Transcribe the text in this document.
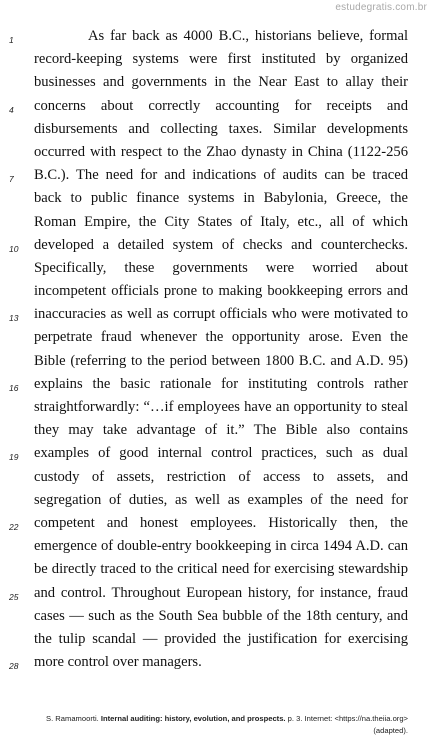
estudegratis.com.br
1	As far back as 4000 B.C., historians believe, formal
record-keeping systems were first instituted by organized
businesses and governments in the Near East to allay their
4	concerns about correctly accounting for receipts and
disbursements and collecting taxes. Similar developments
occurred with respect to the Zhao dynasty in China (1122-256
7	B.C.). The need for and indications of audits can be traced
back to public finance systems in Babylonia, Greece, the
Roman Empire, the City States of Italy, etc., all of which
10	developed a detailed system of checks and counterchecks.
Specifically, these governments were worried about
incompetent officials prone to making bookkeeping errors and
13	inaccuracies as well as corrupt officials who were motivated to
perpetrate fraud whenever the opportunity arose. Even the
Bible (referring to the period between 1800 B.C. and A.D. 95)
16	explains the basic rationale for instituting controls rather
straightforwardly: “…if employees have an opportunity to steal
they may take advantage of it.” The Bible also contains
19	examples of good internal control practices, such as dual
custody of assets, restriction of access to assets, and
segregation of duties, as well as examples of the need for
22	competent and honest employees. Historically then, the
emergence of double-entry bookkeeping in circa 1494 A.D. can
be directly traced to the critical need for exercising stewardship
25	and control. Throughout European history, for instance, fraud
cases — such as the South Sea bubble of the 18th century, and
the tulip scandal — provided the justification for exercising
28	more control over managers.
S. Ramamoorti. Internal auditing: history, evolution, and prospects. p. 3. Internet: <https://na.theiia.org> (adapted).
